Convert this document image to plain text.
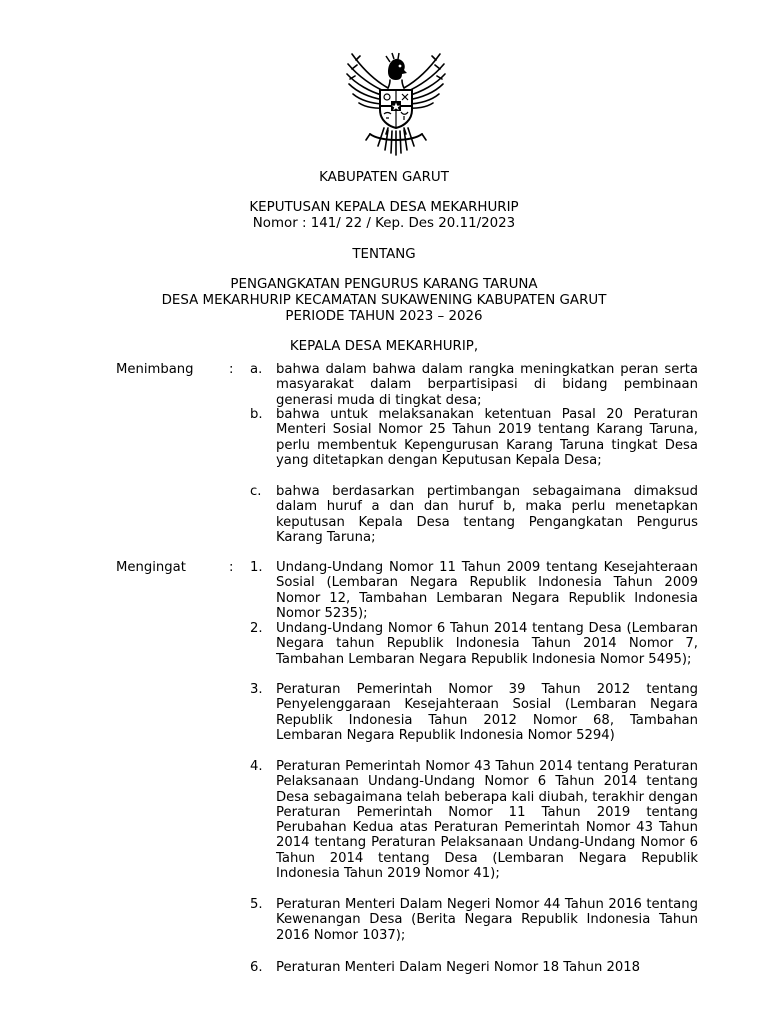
KABUPATEN GARUT
KEPUTUSAN KEPALA DESA MEKARHURIP
Nomor : 141/ 22 / Kep. Des 20.11/2023
TENTANG
PENGANGKATAN PENGURUS KARANG TARUNA
DESA MEKARHURIP KECAMATAN SUKAWENING KABUPATEN GARUT
PERIODE TAHUN 2023 – 2026
KEPALA DESA MEKARHURIP,
Menimbang	: a. bahwa dalam bahwa dalam rangka meningkatkan peran serta masyarakat dalam berpartisipasi di bidang pembinaan generasi muda di tingkat desa;
b. bahwa untuk melaksanakan ketentuan Pasal 20 Peraturan Menteri Sosial Nomor 25 Tahun 2019 tentang Karang Taruna, perlu membentuk Kepengurusan Karang Taruna tingkat Desa yang ditetapkan dengan Keputusan Kepala Desa;
c. bahwa berdasarkan pertimbangan sebagaimana dimaksud dalam huruf a dan dan huruf b, maka perlu menetapkan keputusan Kepala Desa tentang Pengangkatan Pengurus Karang Taruna;
Mengingat	: 1. Undang-Undang Nomor 11 Tahun 2009 tentang Kesejahteraan Sosial (Lembaran Negara Republik Indonesia Tahun 2009 Nomor 12, Tambahan Lembaran Negara Republik Indonesia Nomor 5235);
2. Undang-Undang Nomor 6 Tahun 2014 tentang Desa (Lembaran Negara tahun Republik Indonesia Tahun 2014 Nomor 7, Tambahan Lembaran Negara Republik Indonesia Nomor 5495);
3. Peraturan Pemerintah Nomor 39 Tahun 2012 tentang Penyelenggaraan Kesejahteraan Sosial (Lembaran Negara Republik Indonesia Tahun 2012 Nomor 68, Tambahan Lembaran Negara Republik Indonesia Nomor 5294)
4. Peraturan Pemerintah Nomor 43 Tahun 2014 tentang Peraturan Pelaksanaan Undang-Undang Nomor 6 Tahun 2014 tentang Desa sebagaimana telah beberapa kali diubah, terakhir dengan Peraturan Pemerintah Nomor 11 Tahun 2019 tentang Perubahan Kedua atas Peraturan Pemerintah Nomor 43 Tahun 2014 tentang Peraturan Pelaksanaan Undang-Undang Nomor 6 Tahun 2014 tentang Desa (Lembaran Negara Republik Indonesia Tahun 2019 Nomor 41);
5. Peraturan Menteri Dalam Negeri Nomor 44 Tahun 2016 tentang Kewenangan Desa (Berita Negara Republik Indonesia Tahun 2016 Nomor 1037);
6. Peraturan Menteri Dalam Negeri Nomor 18 Tahun 2018
